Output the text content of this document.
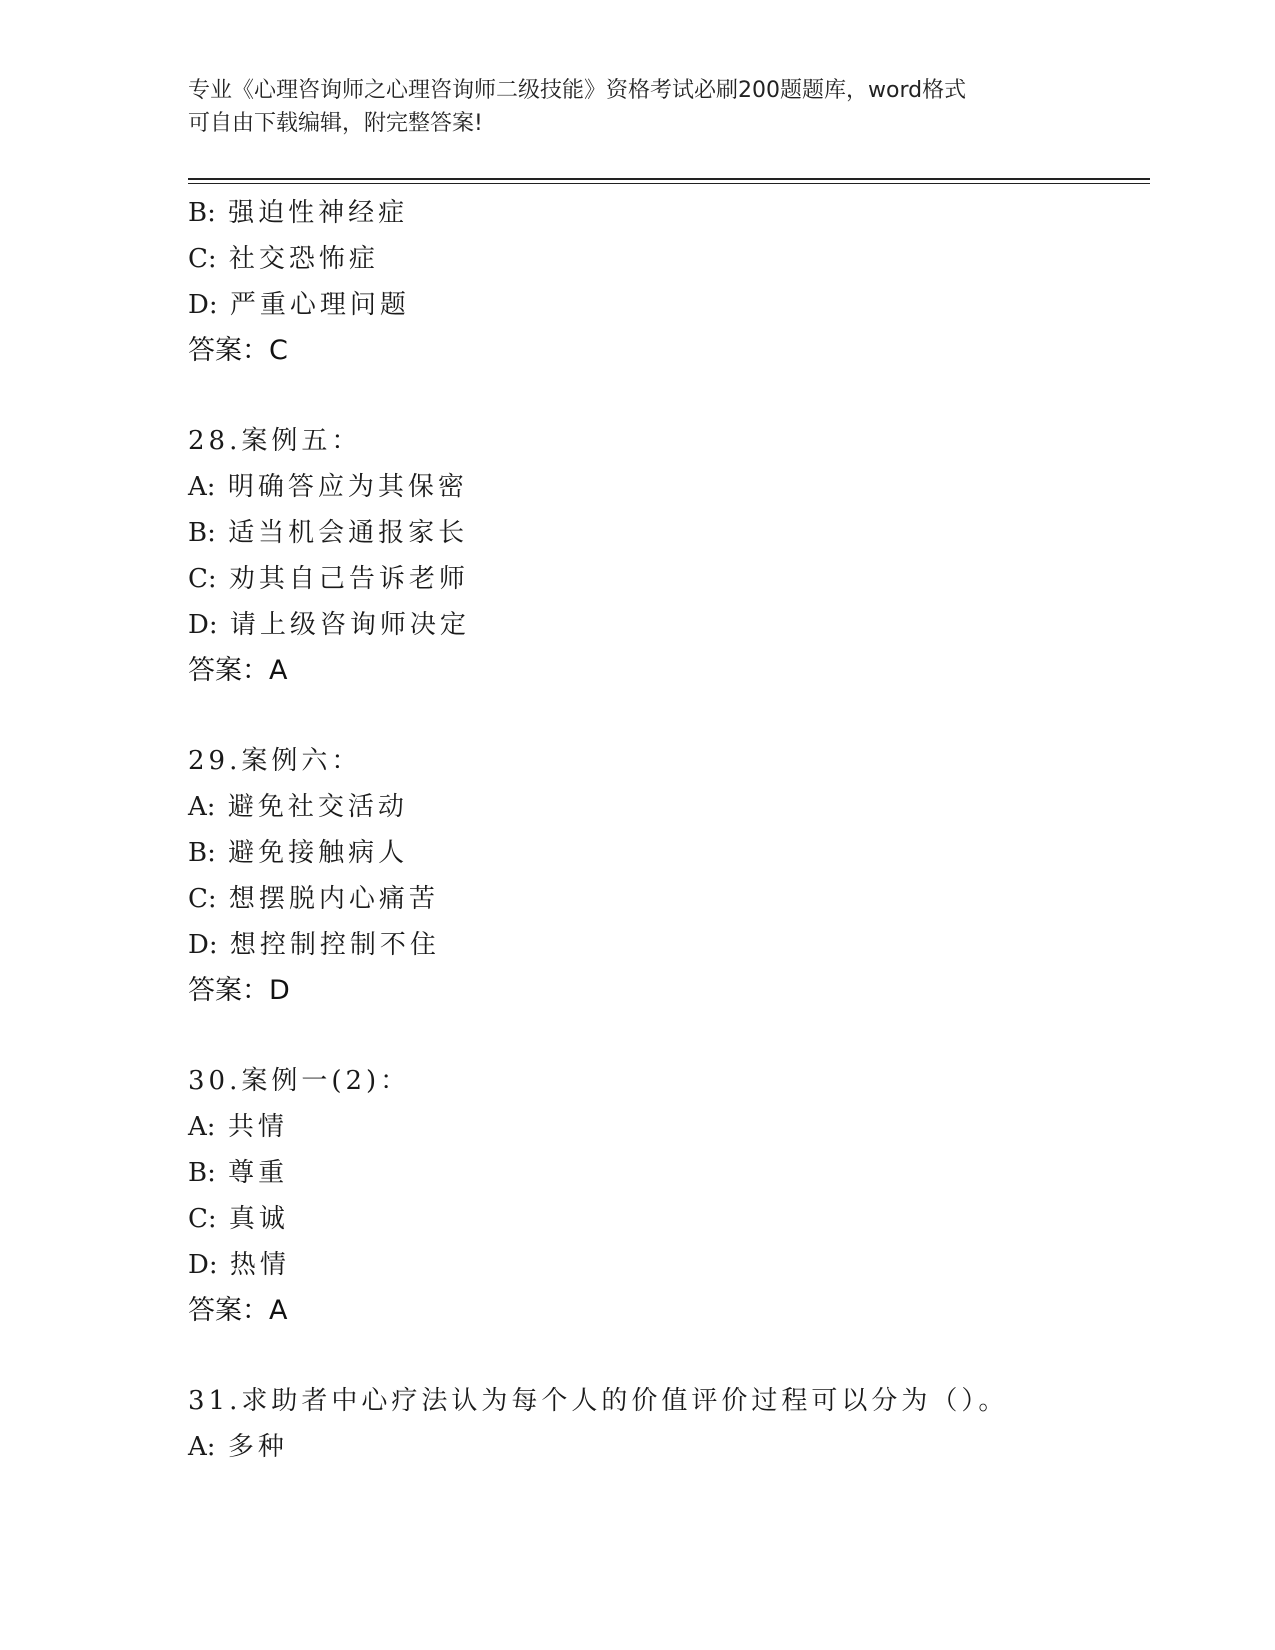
专业《心理咨询师之心理咨询师二级技能》资格考试必刷200题题库，word格式
可自由下载编辑，附完整答案!
B: 强迫性神经症
C: 社交恐怖症
D: 严重心理问题
答案：C
28.案例五：
A: 明确答应为其保密
B: 适当机会通报家长
C: 劝其自己告诉老师
D: 请上级咨询师决定
答案：A
29.案例六：
A: 避免社交活动
B: 避免接触病人
C: 想摆脱内心痛苦
D: 想控制控制不住
答案：D
30.案例一(2)：
A: 共情
B: 尊重
C: 真诚
D: 热情
答案：A
31.求助者中心疗法认为每个人的价值评价过程可以分为（）。
A: 多种
